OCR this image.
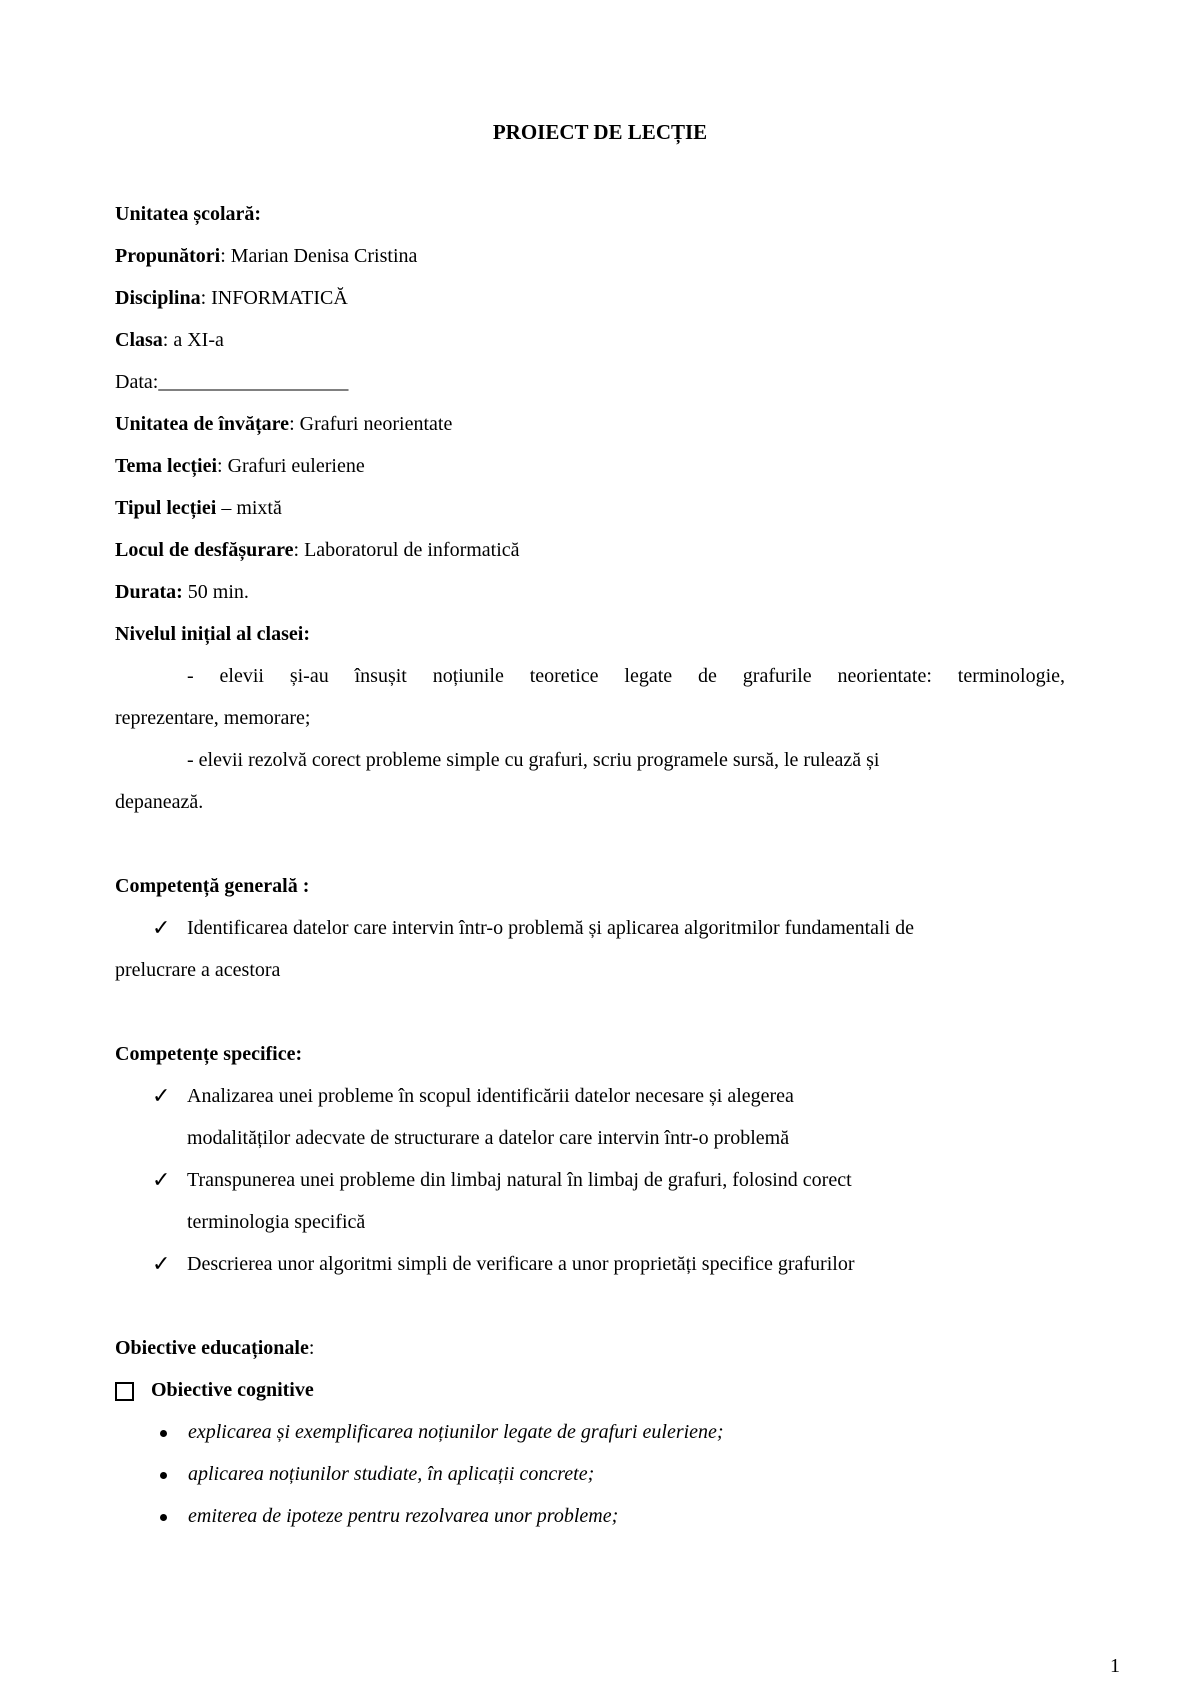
PROIECT DE LECȚIE
Unitatea școlară:
Propunători: Marian Denisa Cristina
Disciplina: INFORMATICĂ
Clasa: a XI-a
Data:___________________
Unitatea de învățare: Grafuri neorientate
Tema lecției: Grafuri euleriene
Tipul lecției – mixtă
Locul de desfășurare: Laboratorul de informatică
Durata: 50 min.
Nivelul inițial al clasei:
- elevii și-au însușit noțiunile teoretice legate de grafurile neorientate: terminologie,
reprezentare, memorare;
- elevii rezolvă corect probleme simple cu grafuri, scriu programele sursă, le rulează și
depanează.
Competență generală :
✓ Identificarea datelor care intervin într-o problemă și aplicarea algoritmilor fundamentali de
prelucrare a acestora
Competențe specifice:
✓ Analizarea unei probleme în scopul identificării datelor necesare și alegerea
modalităților adecvate de structurare a datelor care intervin într-o problemă
✓ Transpunerea unei probleme din limbaj natural în limbaj de grafuri, folosind corect
terminologia specifică
✓ Descrierea unor algoritmi simpli de verificare a unor proprietăți specifice grafurilor
Obiective educaționale:
Obiective cognitive
explicarea și exemplificarea noțiunilor legate de grafuri euleriene;
aplicarea noțiunilor studiate, în aplicații concrete;
emiterea de ipoteze pentru rezolvarea unor probleme;
1
